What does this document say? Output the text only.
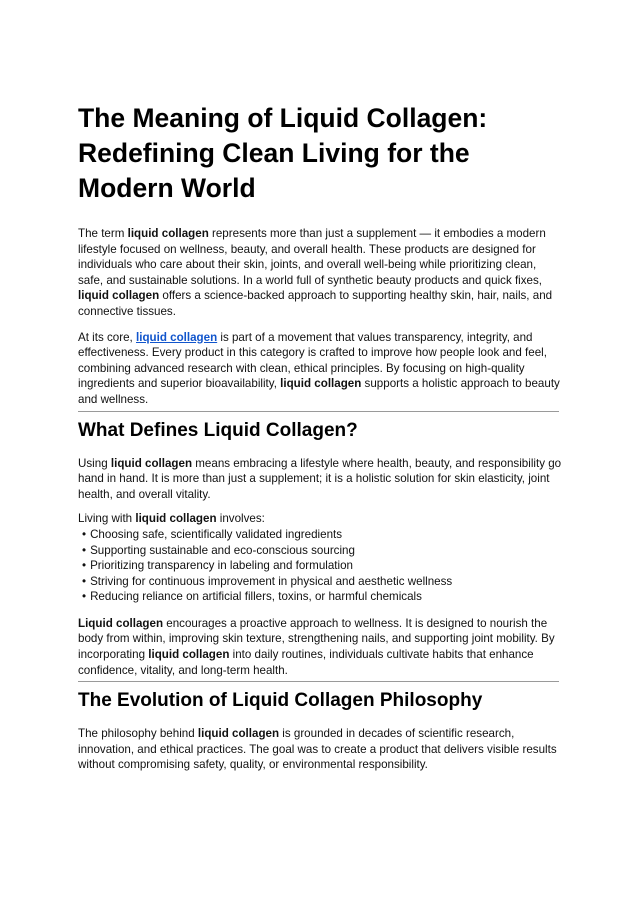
The Meaning of Liquid Collagen: Redefining Clean Living for the Modern World

The term liquid collagen represents more than just a supplement — it embodies a modern lifestyle focused on wellness, beauty, and overall health. These products are designed for individuals who care about their skin, joints, and overall well-being while prioritizing clean, safe, and sustainable solutions. In a world full of synthetic beauty products and quick fixes, liquid collagen offers a science-backed approach to supporting healthy skin, hair, nails, and connective tissues.

At its core, liquid collagen is part of a movement that values transparency, integrity, and effectiveness. Every product in this category is crafted to improve how people look and feel, combining advanced research with clean, ethical principles. By focusing on high-quality ingredients and superior bioavailability, liquid collagen supports a holistic approach to beauty and wellness.

What Defines Liquid Collagen?

Using liquid collagen means embracing a lifestyle where health, beauty, and responsibility go hand in hand. It is more than just a supplement; it is a holistic solution for skin elasticity, joint health, and overall vitality.

Living with liquid collagen involves:

• Choosing safe, scientifically validated ingredients
• Supporting sustainable and eco-conscious sourcing
• Prioritizing transparency in labeling and formulation
• Striving for continuous improvement in physical and aesthetic wellness
• Reducing reliance on artificial fillers, toxins, or harmful chemicals

Liquid collagen encourages a proactive approach to wellness. It is designed to nourish the body from within, improving skin texture, strengthening nails, and supporting joint mobility. By incorporating liquid collagen into daily routines, individuals cultivate habits that enhance confidence, vitality, and long-term health.

The Evolution of Liquid Collagen Philosophy

The philosophy behind liquid collagen is grounded in decades of scientific research, innovation, and ethical practices. The goal was to create a product that delivers visible results without compromising safety, quality, or environmental responsibility.
